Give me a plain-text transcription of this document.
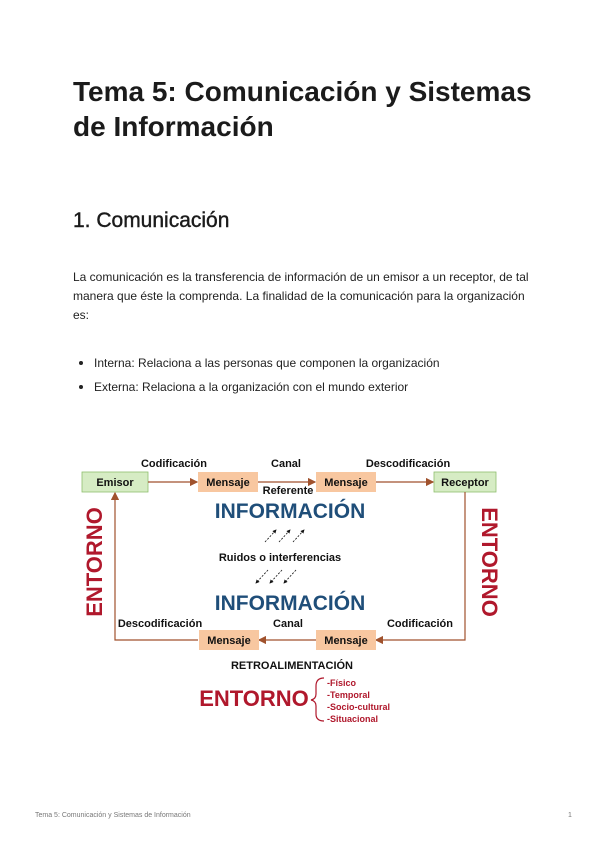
Tema 5: Comunicación y Sistemas de Información
1. Comunicación

La comunicación es la transferencia de información de un emisor a un receptor, de tal manera que éste la comprenda. La finalidad de la comunicación para la organización es:

Interna: Relaciona a las personas que componen la organización
Externa: Relaciona a la organización con el mundo exterior
Codificación	Canal	Descodificación
Emisor	Mensaje	Mensaje	Receptor
Referente
INFORMACIÓN
Ruidos o interferencias
INFORMACIÓN
ENTORNO	ENTORNO
Descodificación	Canal	Codificación
Mensaje	Mensaje
RETROALIMENTACIÓN
ENTORNO
-Físico
-Temporal
-Socio-cultural
-Situacional
Tema 5: Comunicación y Sistemas de Información	1
